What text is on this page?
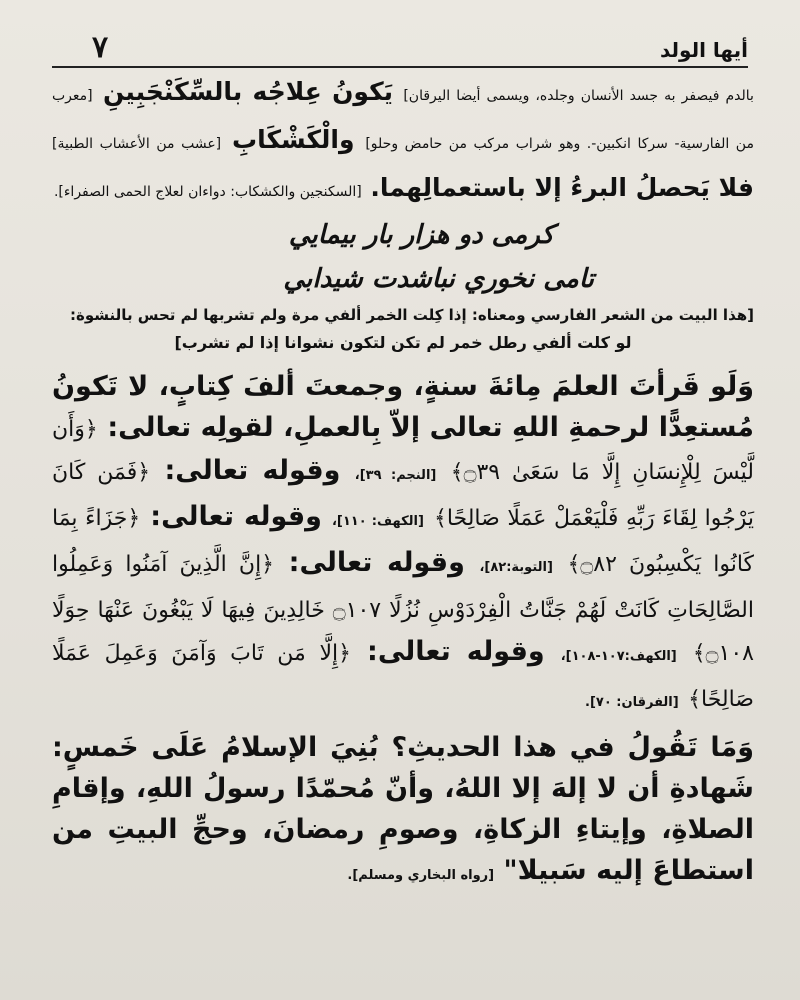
٧	أيها الولد

بالدم فيصفر به جسد الأنسان وجلده، ويسمى أيضا اليرقان] يَكونُ عِلاجُه بالسِّكَنْجَبِينِ [معرب من الفارسية- سركا انكبين-. وهو شراب مركب من حامض وحلو] والْكَشْكَابِ [عشب من الأعشاب الطبية] فلا يَحصلُ البرءُ إلا باستعمالِهما. [السكنجين والكشكاب: دواءان لعلاج الحمى الصفراء].

كرمى دو هزار بار بيمايي

تامى نخوري نباشدت شيدابي

[هذا البيت من الشعر الفارسي ومعناه: إذا كِلت الخمر ألفي مرة ولم تشربها لم تحس بالنشوة:

لو كلت ألفي رطل خمر لم تكن لتكون نشوانا إذا لم تشرب]

وَلَو قَرأتَ العلمَ مِائةَ سنةٍ، وجمعتَ ألفَ كِتابٍ، لا تَكونُ مُستعِدًّا لرحمةِ اللهِ تعالى إلاّ بِالعملِ، لقولِه تعالى: ﴿وَأَن لَّيْسَ لِلْإِنسَانِ إِلَّا مَا سَعَىٰ ۝٣٩﴾ [النجم: ٣٩]، وقوله تعالى: ﴿فَمَن كَانَ يَرْجُوا لِقَاءَ رَبِّهِ فَلْيَعْمَلْ عَمَلًا صَالِحًا﴾ [الكهف: ١١٠]، وقوله تعالى: ﴿جَزَاءً بِمَا كَانُوا يَكْسِبُونَ ۝٨٢﴾ [التوبة:٨٢]، وقوله تعالى: ﴿إِنَّ الَّذِينَ آمَنُوا وَعَمِلُوا الصَّالِحَاتِ كَانَتْ لَهُمْ جَنَّاتُ الْفِرْدَوْسِ نُزُلًا ۝١٠٧ خَالِدِينَ فِيهَا لَا يَبْغُونَ عَنْهَا حِوَلًا ۝١٠٨﴾ [الكهف:١٠٧-١٠٨]، وقوله تعالى: ﴿إِلَّا مَن تَابَ وَآمَنَ وَعَمِلَ عَمَلًا صَالِحًا﴾ [الفرقان: ٧٠].

وَمَا تَقُولُ في هذا الحديثِ؟ بُنِيَ الإسلامُ عَلَى خَمسٍ: شَهادةِ أن لا إلهَ إلا اللهُ، وأنّ مُحمّدًا رسولُ اللهِ، وإقامِ الصلاةِ، وإيتاءِ الزكاةِ، وصومِ رمضانَ، وحجِّ البيتِ من استطاعَ إليه سَبيلا" [رواه البخاري ومسلم].
